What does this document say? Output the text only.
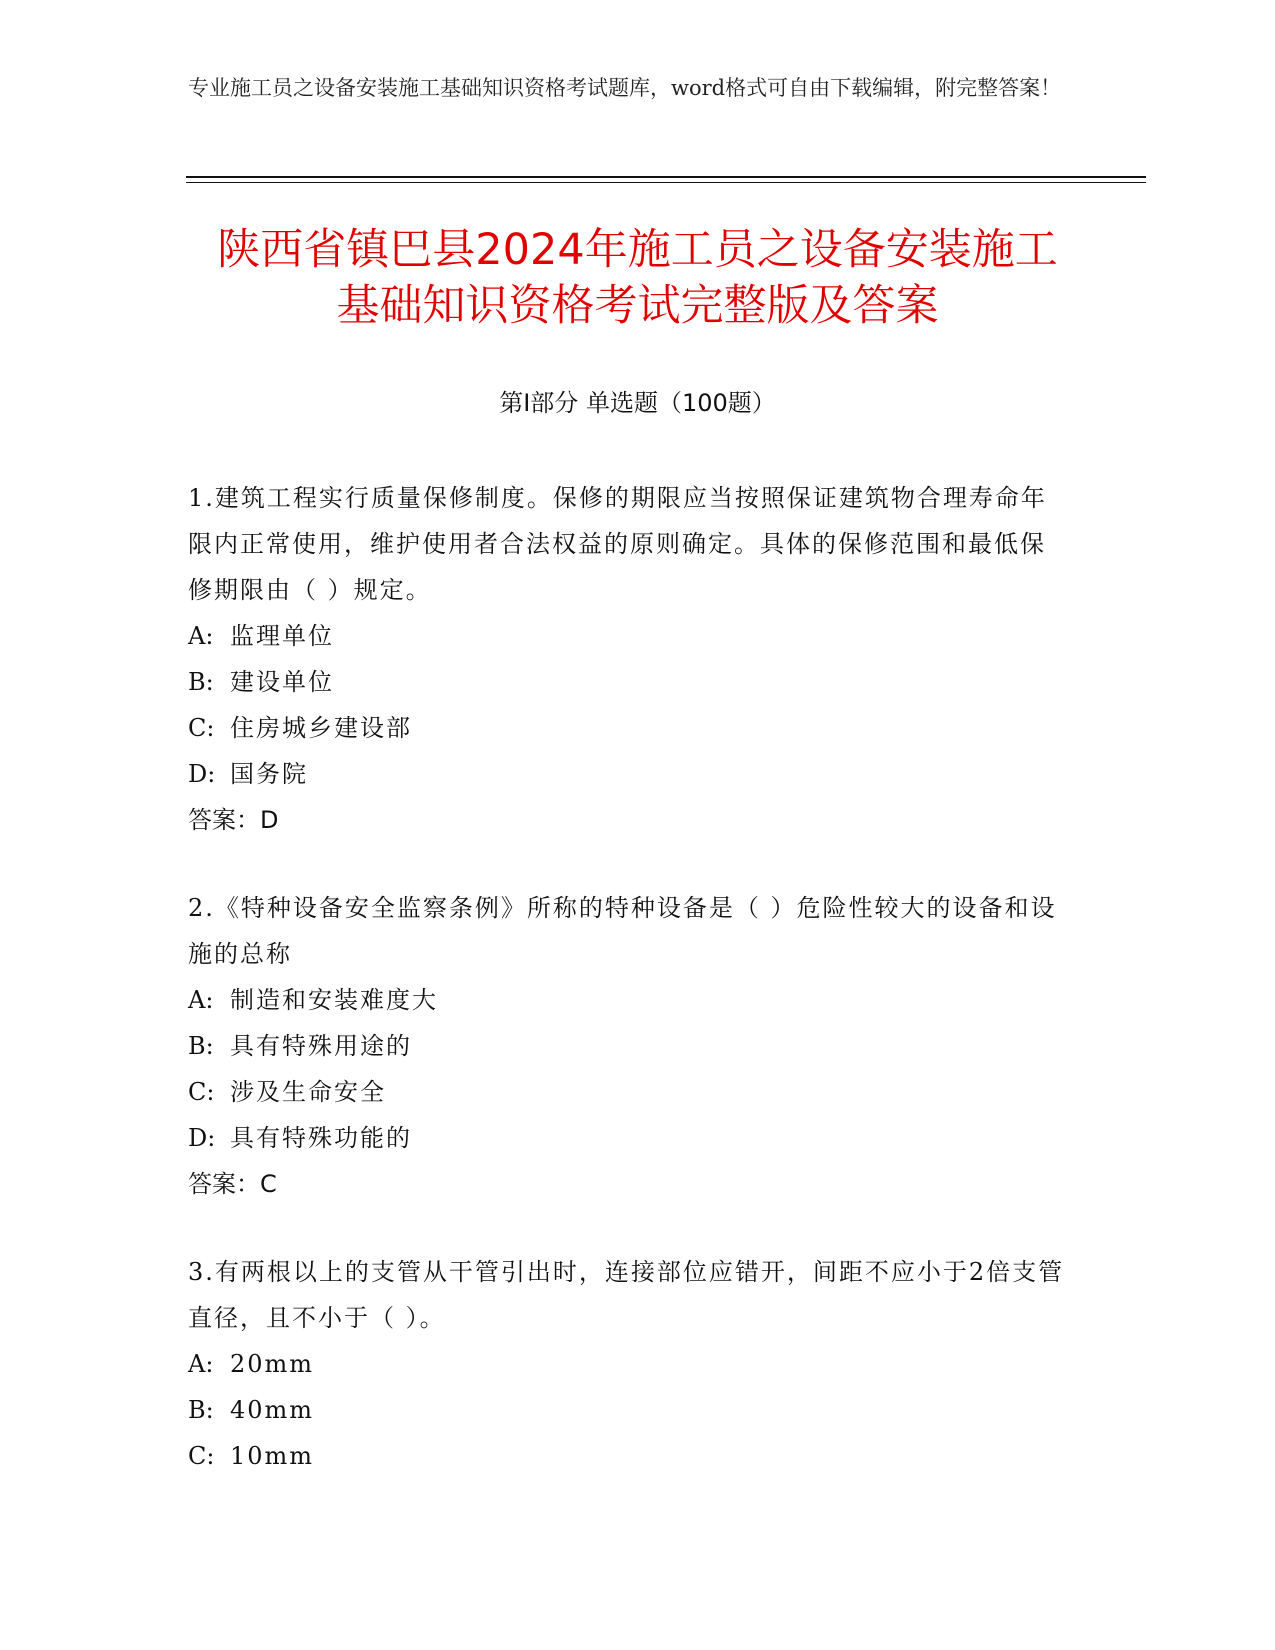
专业施工员之设备安装施工基础知识资格考试题库，word格式可自由下载编辑，附完整答案！
陕西省镇巴县2024年施工员之设备安装施工
基础知识资格考试完整版及答案
第Ⅰ部分 单选题（100题）
1.建筑工程实行质量保修制度。保修的期限应当按照保证建筑物合理寿命年限内正常使用，维护使用者合法权益的原则确定。具体的保修范围和最低保修期限由（ ）规定。
A: 监理单位
B: 建设单位
C: 住房城乡建设部
D: 国务院
答案：D
2.《特种设备安全监察条例》所称的特种设备是（ ）危险性较大的设备和设施的总称
A: 制造和安装难度大
B: 具有特殊用途的
C: 涉及生命安全
D: 具有特殊功能的
答案：C
3.有两根以上的支管从干管引出时，连接部位应错开，间距不应小于2倍支管直径，且不小于（ ）。
A: 20mm
B: 40mm
C: 10mm
